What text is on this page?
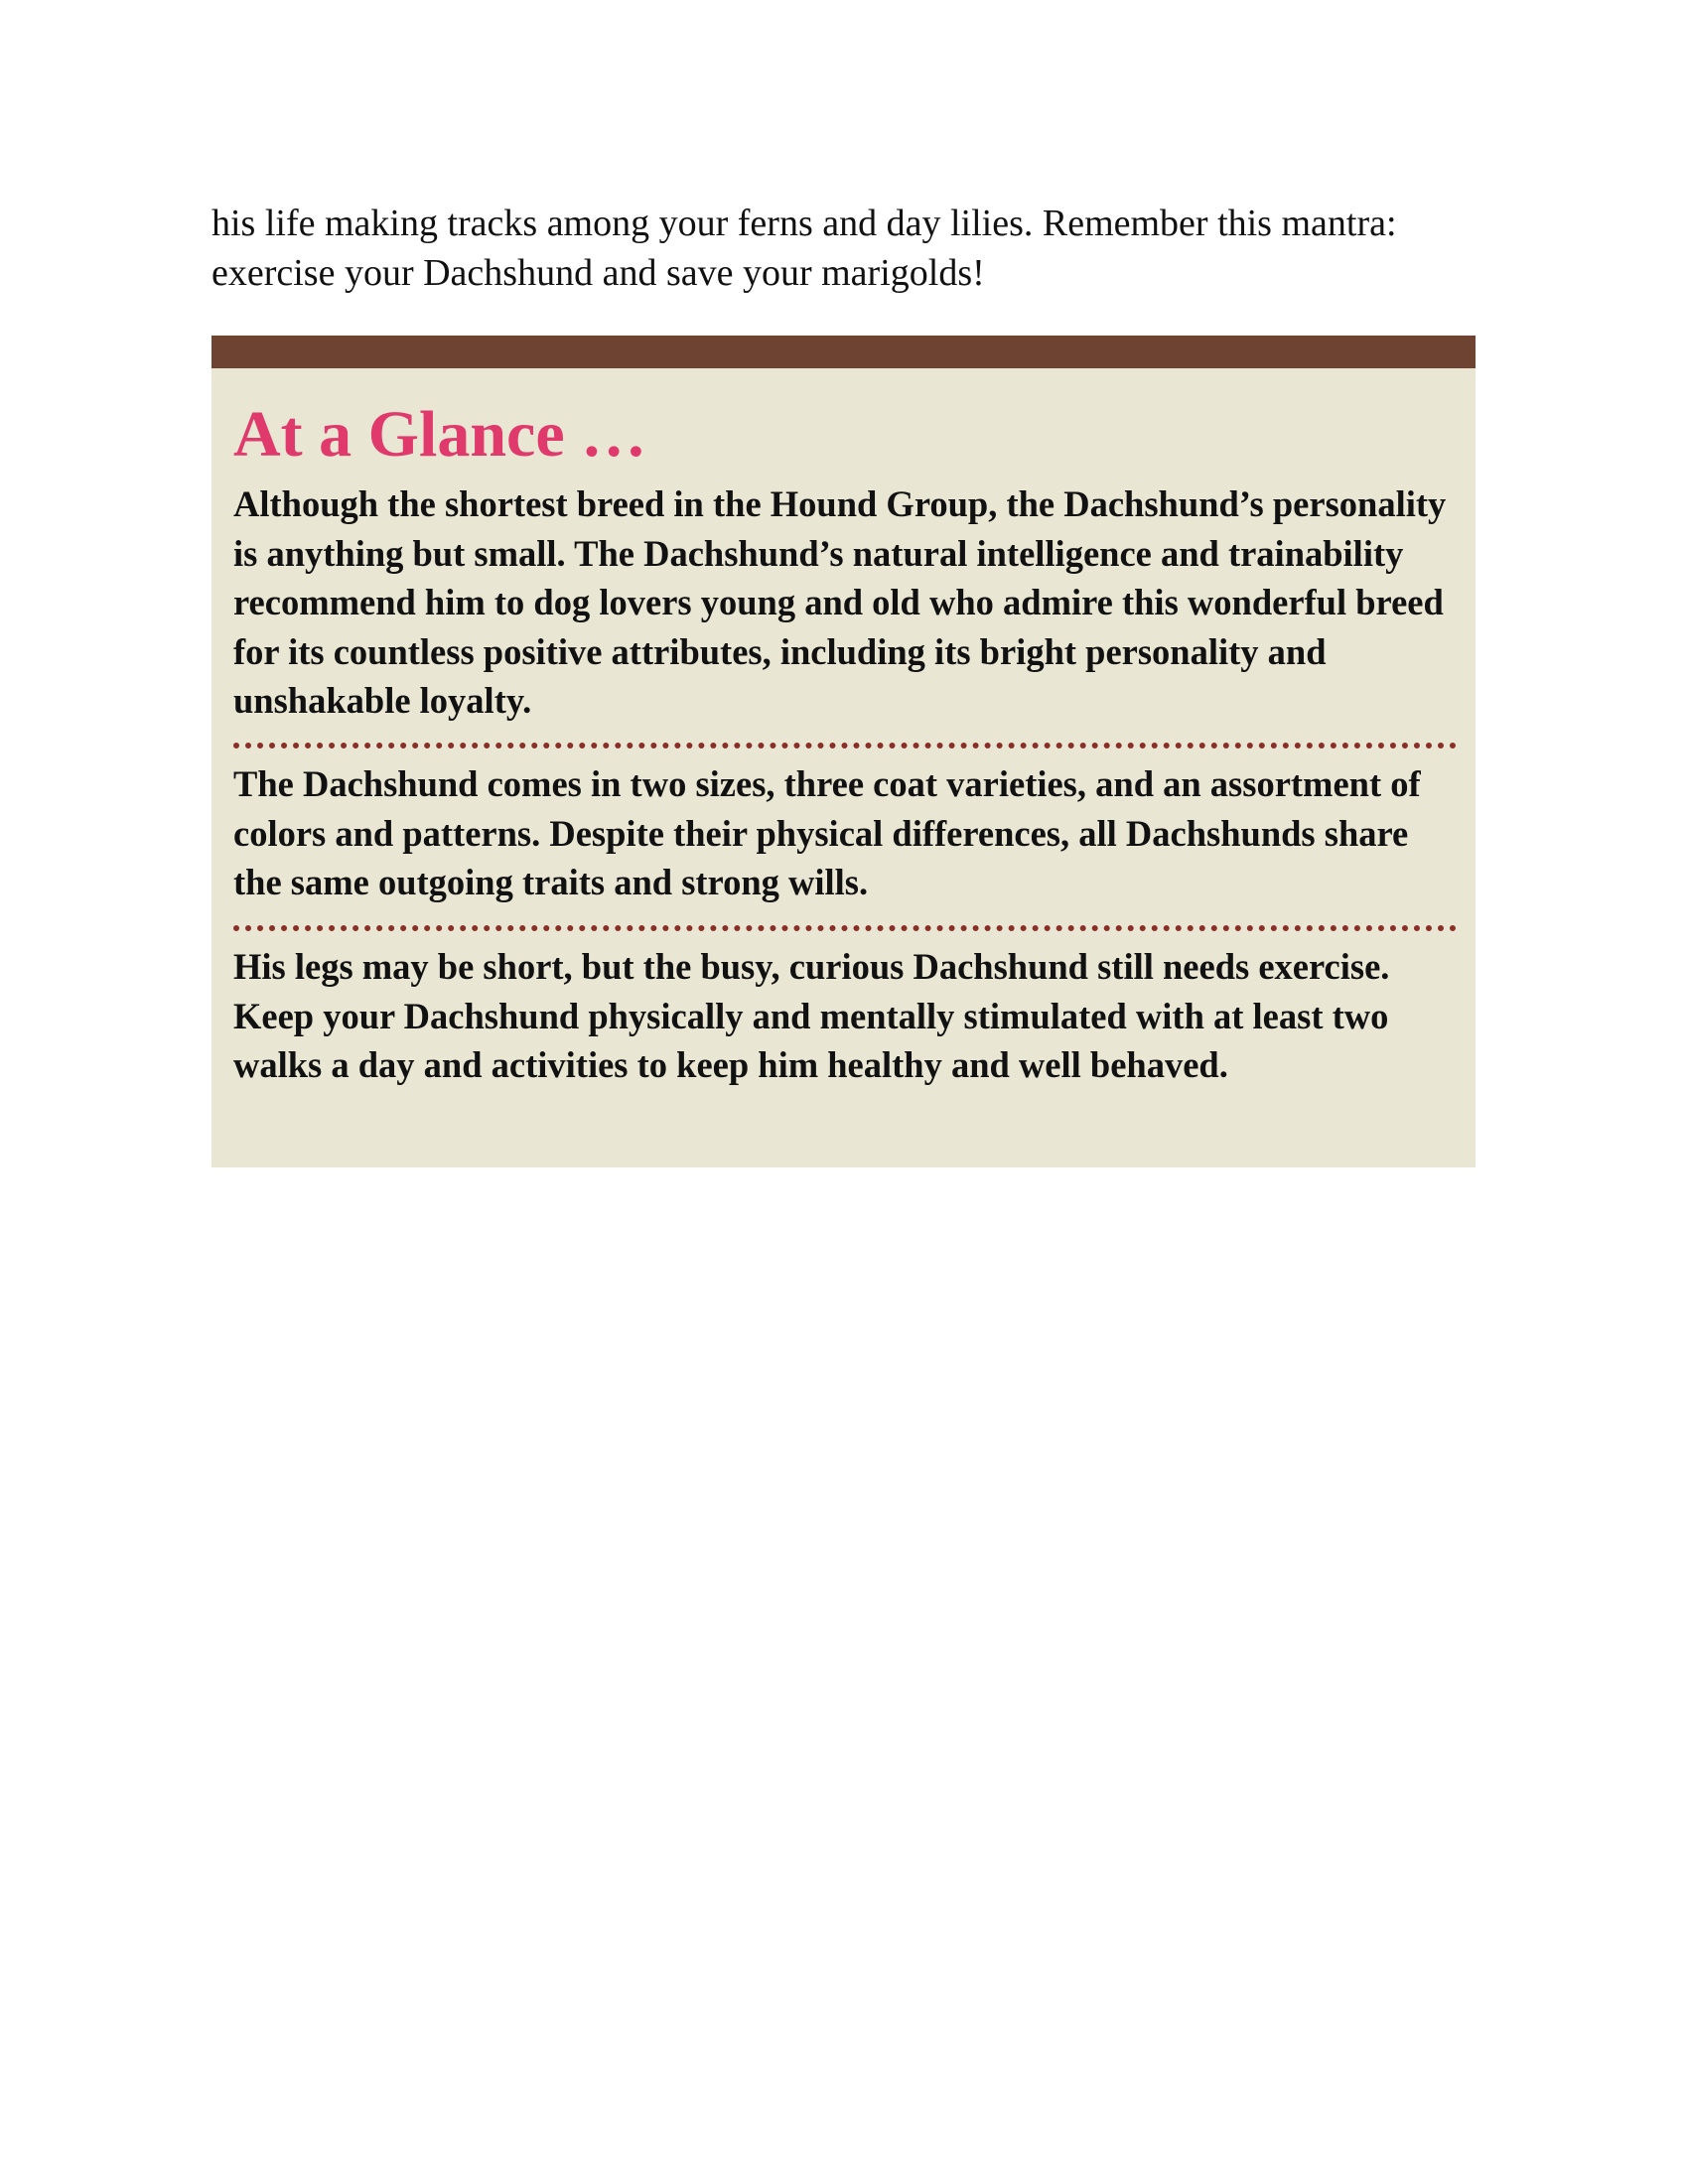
his life making tracks among your ferns and day lilies. Remember this mantra: exercise your Dachshund and save your marigolds!

At a Glance …

Although the shortest breed in the Hound Group, the Dachshund’s personality is anything but small. The Dachshund’s natural intelligence and trainability recommend him to dog lovers young and old who admire this wonderful breed for its countless positive attributes, including its bright personality and unshakable loyalty.

The Dachshund comes in two sizes, three coat varieties, and an assortment of colors and patterns. Despite their physical differences, all Dachshunds share the same outgoing traits and strong wills.

His legs may be short, but the busy, curious Dachshund still needs exercise. Keep your Dachshund physically and mentally stimulated with at least two walks a day and activities to keep him healthy and well behaved.
